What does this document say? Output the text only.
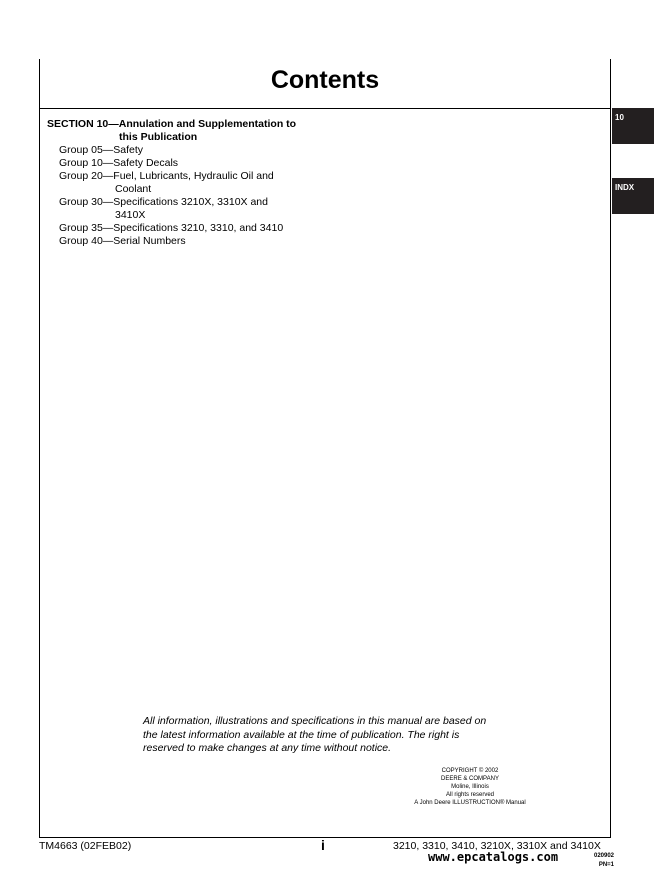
Contents
10
INDX
SECTION 10—Annulation and Supplementation to
this Publication
Group 05—Safety
Group 10—Safety Decals
Group 20—Fuel, Lubricants, Hydraulic Oil and
Coolant
Group 30—Specifications 3210X, 3310X and
3410X
Group 35—Specifications 3210, 3310, and 3410
Group 40—Serial Numbers
All information, illustrations and specifications in this manual are based on
the latest information available at the time of publication. The right is
reserved to make changes at any time without notice.
COPYRIGHT © 2002
DEERE & COMPANY
Moline, Illinois
All rights reserved
A John Deere ILLUSTRUCTION® Manual
TM4663 (02FEB02)	i	3210, 3310, 3410, 3210X, 3310X and 3410X
020902
PN=1
www.epcatalogs.com
